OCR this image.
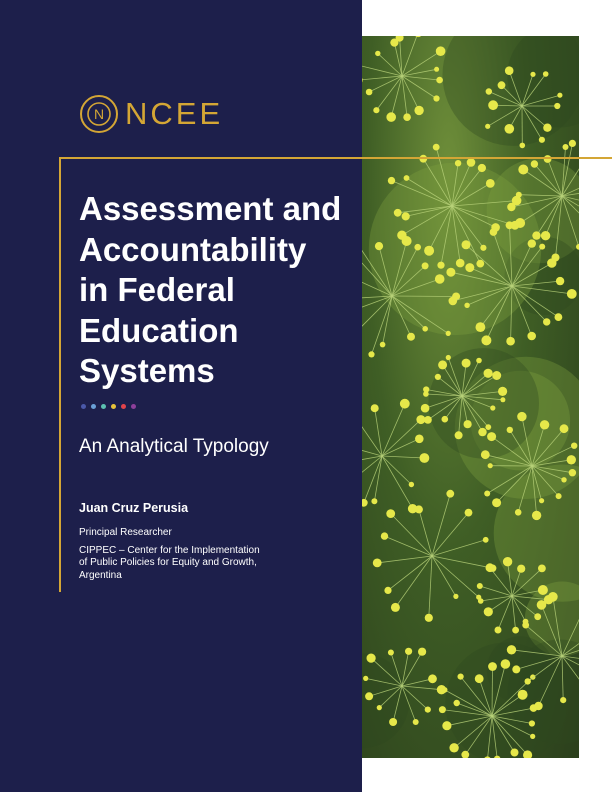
N NCEE
Assessment and
Accountability
in Federal
Education
Systems
An Analytical Typology
Juan Cruz Perusia
Principal Researcher
CIPPEC – Center for the Implementation
of Public Policies for Equity and Growth,
Argentina
